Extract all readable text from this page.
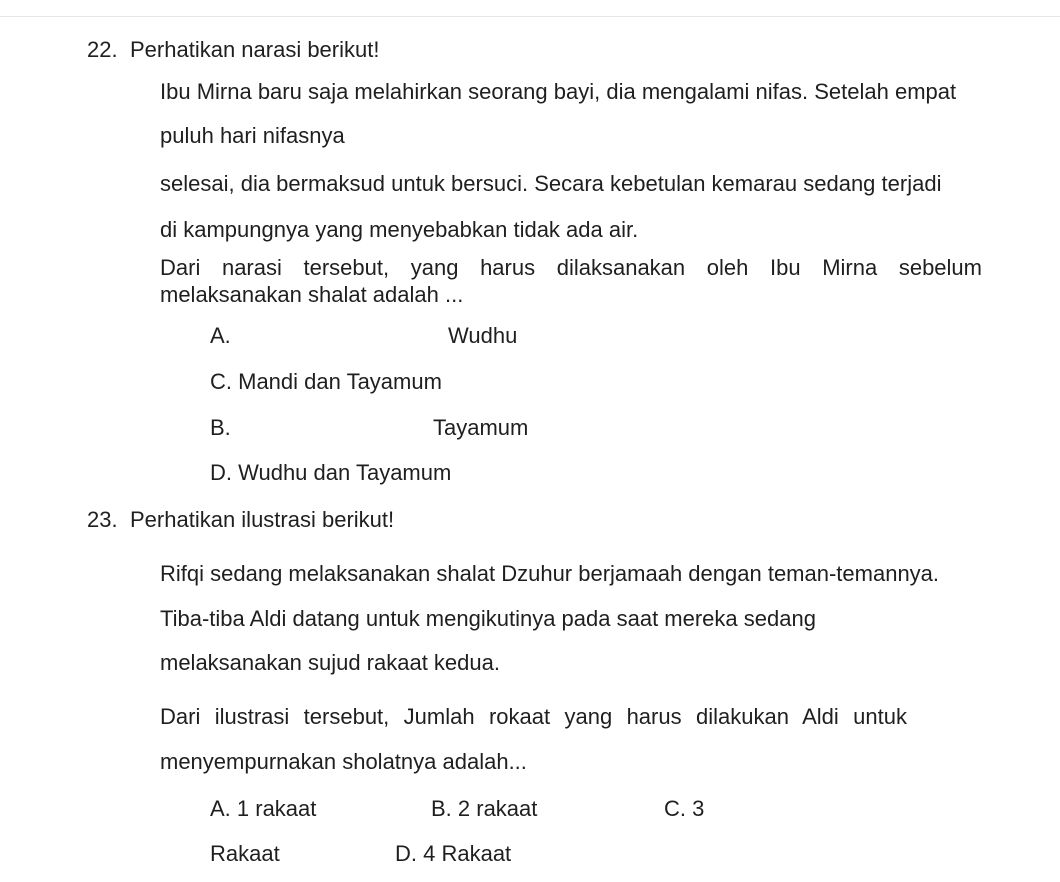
22. Perhatikan narasi berikut!
Ibu Mirna baru saja melahirkan seorang bayi, dia mengalami nifas. Setelah empat
puluh hari nifasnya
selesai, dia bermaksud untuk bersuci. Secara kebetulan kemarau sedang terjadi
di kampungnya yang menyebabkan tidak ada air.
Dari narasi tersebut, yang harus dilaksanakan oleh Ibu Mirna sebelum
melaksanakan shalat adalah ...
A.	Wudhu
C. Mandi dan Tayamum
B.	Tayamum
D. Wudhu dan Tayamum
23. Perhatikan ilustrasi berikut!
Rifqi sedang melaksanakan shalat Dzuhur berjamaah dengan teman-temannya.
Tiba-tiba Aldi datang untuk mengikutinya pada saat mereka sedang
melaksanakan sujud rakaat kedua.
Dari ilustrasi tersebut, Jumlah rokaat yang harus dilakukan Aldi untuk
menyempurnakan sholatnya adalah...
A. 1 rakaat	B. 2 rakaat	C. 3
Rakaat	D. 4 Rakaat
